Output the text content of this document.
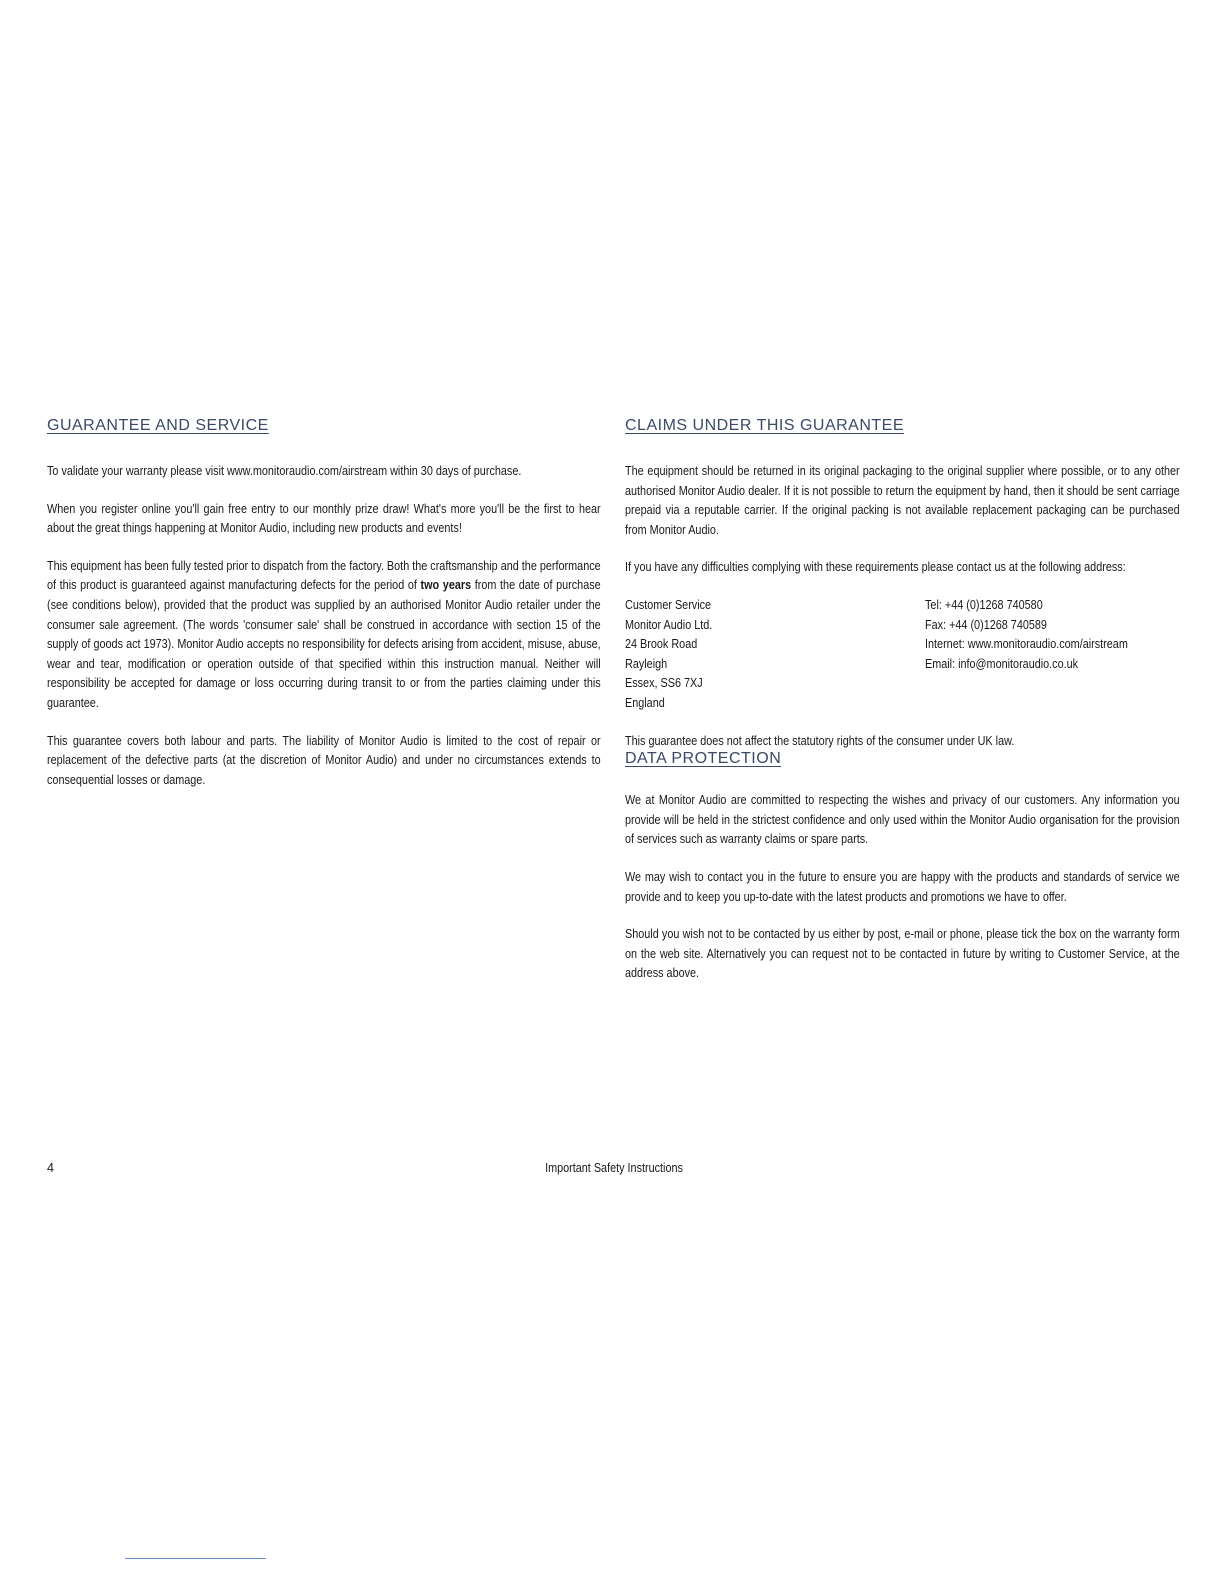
GUARANTEE AND SERVICE

To validate your warranty please visit www.monitoraudio.com/airstream within 30 days of purchase.

When you register online you'll gain free entry to our monthly prize draw! What's more you'll be the first to hear about the great things happening at Monitor Audio, including new products and events!

This equipment has been fully tested prior to dispatch from the factory. Both the craftsmanship and the performance of this product is guaranteed against manufacturing defects for the period of two years from the date of purchase (see conditions below), provided that the product was supplied by an authorised Monitor Audio retailer under the consumer sale agreement. (The words 'consumer sale' shall be construed in accordance with section 15 of the supply of goods act 1973). Monitor Audio accepts no responsibility for defects arising from accident, misuse, abuse, wear and tear, modification or operation outside of that specified within this instruction manual. Neither will responsibility be accepted for damage or loss occurring during transit to or from the parties claiming under this guarantee.

This guarantee covers both labour and parts. The liability of Monitor Audio is limited to the cost of repair or replacement of the defective parts (at the discretion of Monitor Audio) and under no circumstances extends to consequential losses or damage.

CLAIMS UNDER THIS GUARANTEE

The equipment should be returned in its original packaging to the original supplier where possible, or to any other authorised Monitor Audio dealer. If it is not possible to return the equipment by hand, then it should be sent carriage prepaid via a reputable carrier. If the original packing is not available replacement packaging can be purchased from Monitor Audio.

If you have any difficulties complying with these requirements please contact us at the following address:

Customer Service
Monitor Audio Ltd.
24 Brook Road
Rayleigh
Essex, SS6 7XJ
England
Tel: +44 (0)1268 740580
Fax: +44 (0)1268 740589
Internet: www.monitoraudio.com/airstream
Email: info@monitoraudio.co.uk

This guarantee does not affect the statutory rights of the consumer under UK law.

DATA PROTECTION

We at Monitor Audio are committed to respecting the wishes and privacy of our customers. Any information you provide will be held in the strictest confidence and only used within the Monitor Audio organisation for the provision of services such as warranty claims or spare parts.

We may wish to contact you in the future to ensure you are happy with the products and standards of service we provide and to keep you up-to-date with the latest products and promotions we have to offer.

Should you wish not to be contacted by us either by post, e-mail or phone, please tick the box on the warranty form on the web site. Alternatively you can request not to be contacted in future by writing to Customer Service, at the address above.

4	Important Safety Instructions
